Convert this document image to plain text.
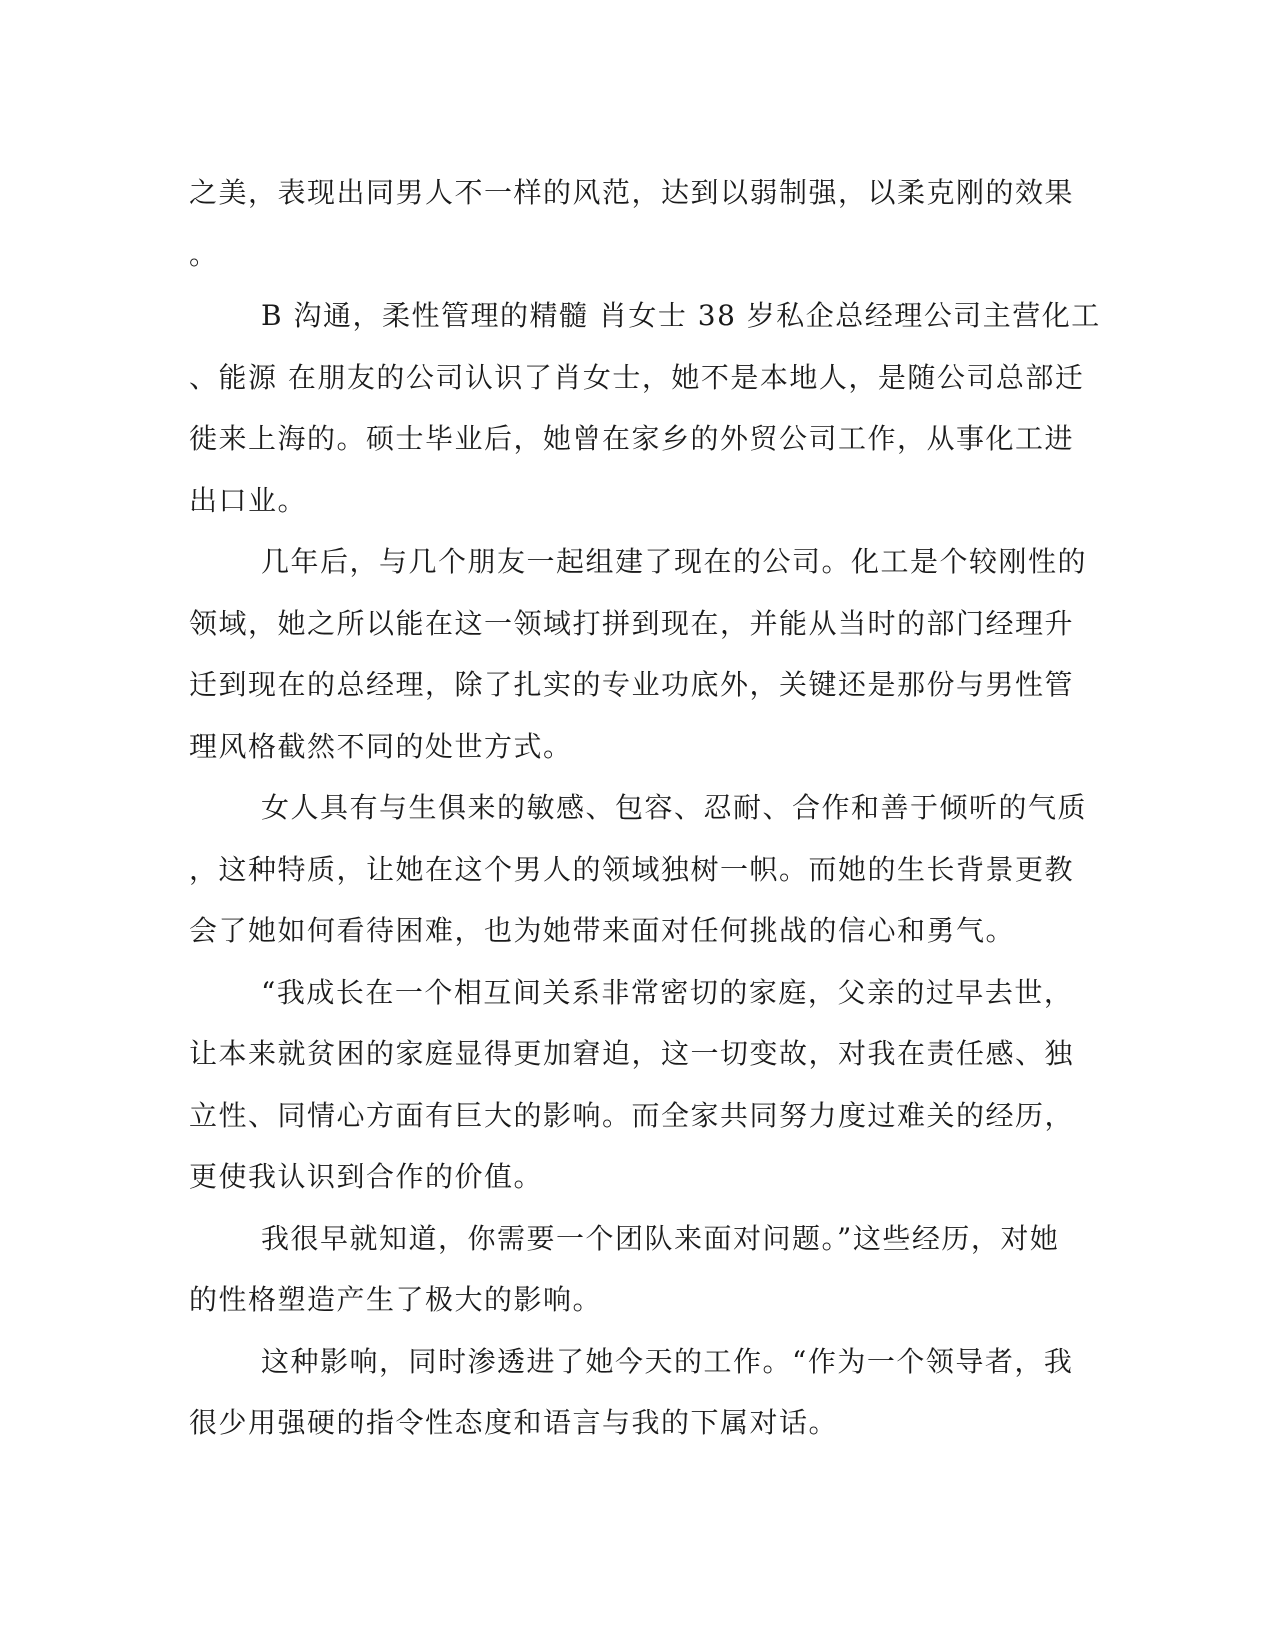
之美，表现出同男人不一样的风范，达到以弱制强，以柔克刚的效果
。
B 沟通，柔性管理的精髓 肖女士 38 岁私企总经理公司主营化工
、能源 在朋友的公司认识了肖女士，她不是本地人，是随公司总部迁
徙来上海的。硕士毕业后，她曾在家乡的外贸公司工作，从事化工进
出口业。
几年后，与几个朋友一起组建了现在的公司。化工是个较刚性的
领域，她之所以能在这一领域打拼到现在，并能从当时的部门经理升
迁到现在的总经理，除了扎实的专业功底外，关键还是那份与男性管
理风格截然不同的处世方式。
女人具有与生俱来的敏感、包容、忍耐、合作和善于倾听的气质
，这种特质，让她在这个男人的领域独树一帜。而她的生长背景更教
会了她如何看待困难，也为她带来面对任何挑战的信心和勇气。
“我成长在一个相互间关系非常密切的家庭，父亲的过早去世，
让本来就贫困的家庭显得更加窘迫，这一切变故，对我在责任感、独
立性、同情心方面有巨大的影响。而全家共同努力度过难关的经历，
更使我认识到合作的价值。
我很早就知道，你需要一个团队来面对问题。”这些经历，对她
的性格塑造产生了极大的影响。
这种影响，同时渗透进了她今天的工作。“作为一个领导者，我
很少用强硬的指令性态度和语言与我的下属对话。
